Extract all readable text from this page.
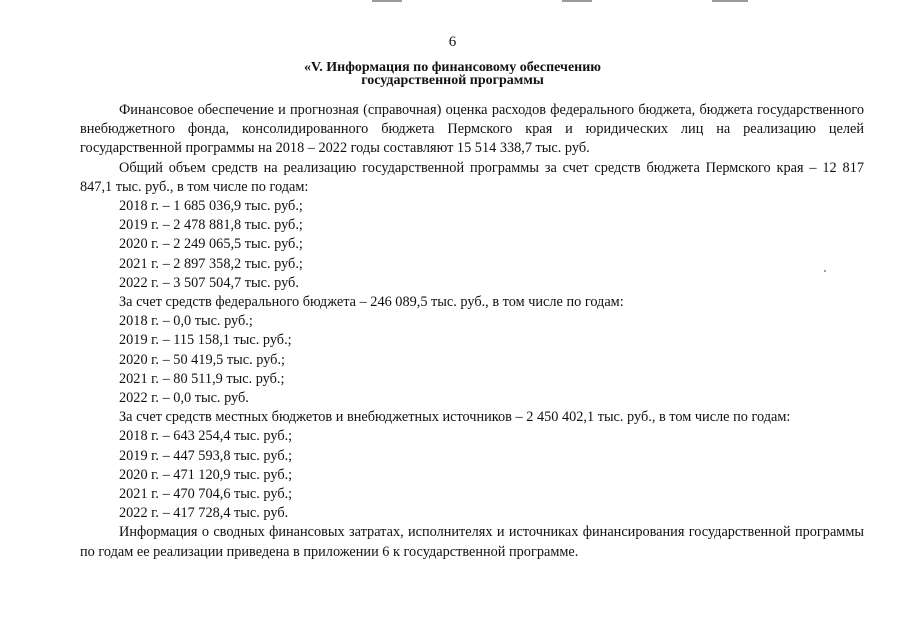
6
«V. Информация по финансовому обеспечению
государственной программы

Финансовое обеспечение и прогнозная (справочная) оценка расходов федерального бюджета, бюджета государственного внебюджетного фонда, консолидированного бюджета Пермского края и юридических лиц на реализацию целей государственной программы на 2018 – 2022 годы составляют 15 514 338,7 тыс. руб.

Общий объем средств на реализацию государственной программы за счет средств бюджета Пермского края – 12 817 847,1 тыс. руб., в том числе по годам:

2018 г. – 1 685 036,9 тыс. руб.;

2019 г. – 2 478 881,8 тыс. руб.;

2020 г. – 2 249 065,5 тыс. руб.;

2021 г. – 2 897 358,2 тыс. руб.;

2022 г. – 3 507 504,7 тыс. руб.

За счет средств федерального бюджета – 246 089,5 тыс. руб., в том числе по годам:

2018 г. – 0,0 тыс. руб.;

2019 г. – 115 158,1 тыс. руб.;

2020 г. – 50 419,5 тыс. руб.;

2021 г. – 80 511,9 тыс. руб.;

2022 г. – 0,0 тыс. руб.

За счет средств местных бюджетов и внебюджетных источников – 2 450 402,1 тыс. руб., в том числе по годам:

2018 г. – 643 254,4 тыс. руб.;

2019 г. – 447 593,8 тыс. руб.;

2020 г. – 471 120,9 тыс. руб.;

2021 г. – 470 704,6 тыс. руб.;

2022 г. – 417 728,4 тыс. руб.

Информация о сводных финансовых затратах, исполнителях и источниках финансирования государственной программы по годам ее реализации приведена в приложении 6 к государственной программе.
